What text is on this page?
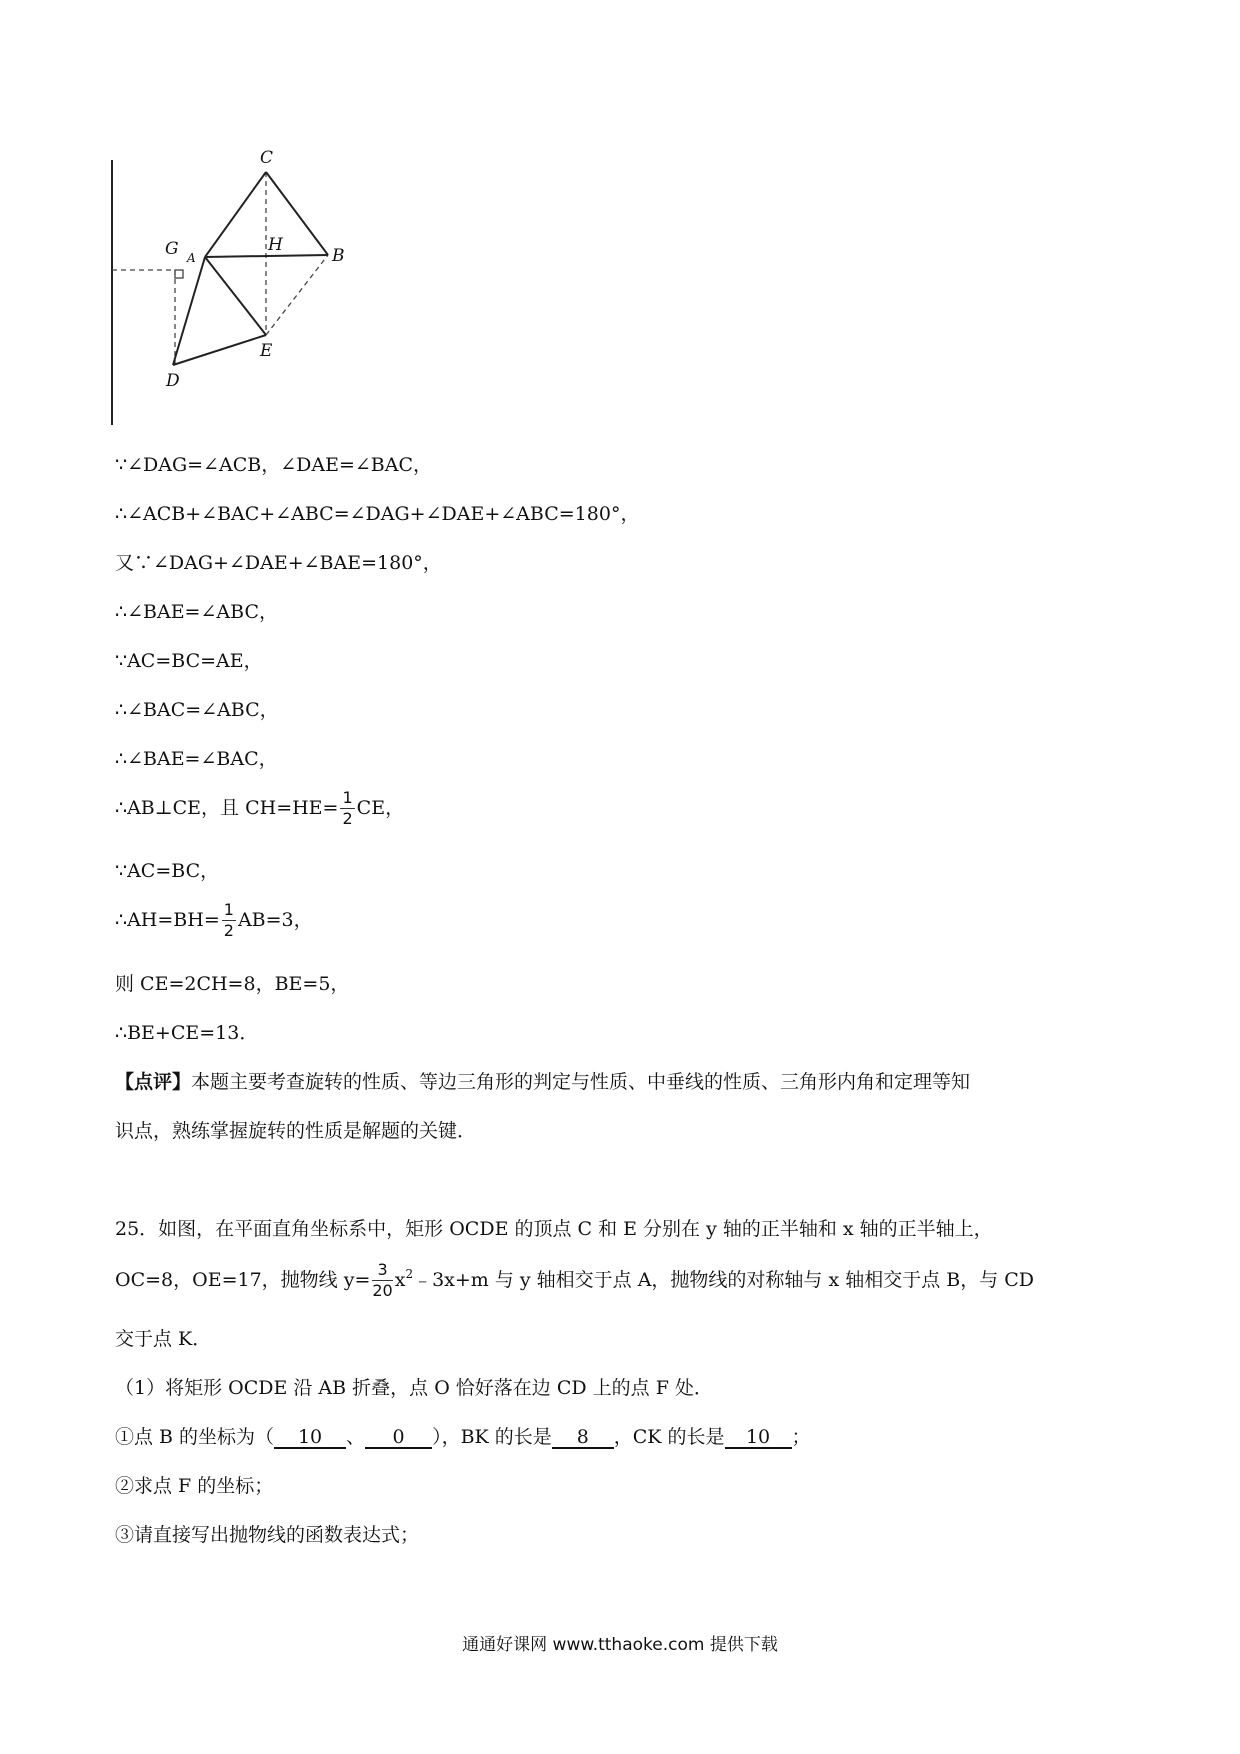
C
G A
H
B
E
D
∵∠DAG=∠ACB，∠DAE=∠BAC，
∴∠ACB+∠BAC+∠ABC=∠DAG+∠DAE+∠ABC=180°，
又∵∠DAG+∠DAE+∠BAE=180°，
∴∠BAE=∠ABC，
∵AC=BC=AE，
∴∠BAC=∠ABC，
∴∠BAE=∠BAC，
∴AB⊥CE，且 $CH=HE= \frac{1}{2}$ CE，
∵AC=BC，
∴AH=BH= $\frac{1}{2} AB=3$，
则 CE=2CH=8，BE=5，
∴BE+CE=13．
【点评】本题主要考查旋转的性质、等边三角形的判定与性质、中垂线的性质、三角形内角和定理等知
识点，熟练掌握旋转的性质是解题的关键．
25．如图，在平面直角坐标系中，矩形 OCDE 的顶点 C 和 E 分别在 y 轴的正半轴和 x 轴的正半轴上，
OC=8，OE=17，抛物线 $y= \frac{3}{20}$ $x^2﹣3x+m$ 与 y 轴相交于点 A，抛物线的对称轴与 x 轴相交于点 B，与 CD
交于点 K．
（1）将矩形 OCDE 沿 AB 折叠，点 O 恰好落在边 CD 上的点 F 处．
①点 B 的坐标为（ 10 、 0 ），BK 的长是 8 ，CK 的长是 10 ；
②求点 F 的坐标；
③请直接写出抛物线的函数表达式；
通通好课网 www.tthaoke.com 提供下载
